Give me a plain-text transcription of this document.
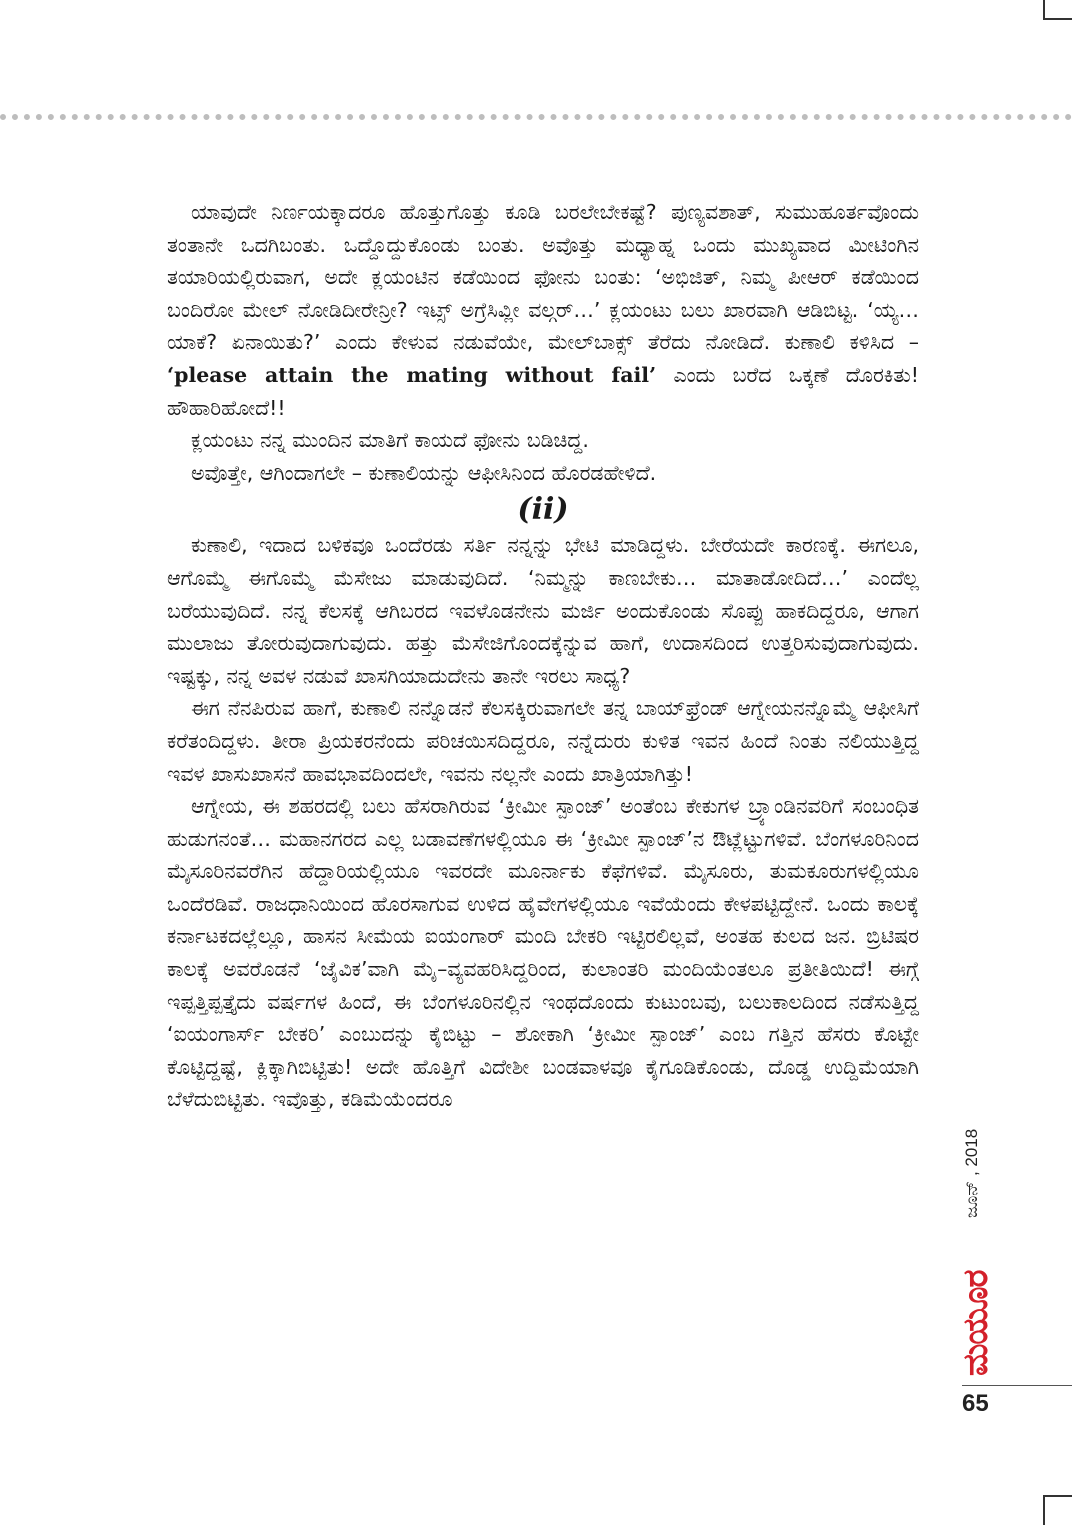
ಯಾವುದೇ ನಿರ್ಣಯಕ್ಕಾದರೂ ಹೊತ್ತುಗೊತ್ತು ಕೂಡಿ ಬರಲೇಬೇಕಷ್ಟೆ? ಪುಣ್ಯವಶಾತ್, ಸುಮುಹೂರ್ತವೊಂದು ತಂತಾನೇ ಒದಗಿಬಂತು. ಒದ್ದೊದ್ದುಕೊಂಡು ಬಂತು. ಅವೊತ್ತು ಮಧ್ಯಾಹ್ನ ಒಂದು ಮುಖ್ಯವಾದ ಮೀಟಿಂಗಿನ ತಯಾರಿಯಲ್ಲಿರುವಾಗ, ಅದೇ ಕ್ಲಯಂಟಿನ ಕಡೆಯಿಂದ ಫೋನು ಬಂತು: ‘ಅಭಿಜಿತ್, ನಿಮ್ಮ ಪೀಆರ್ ಕಡೆಯಿಂದ ಬಂದಿರೋ ಮೇಲ್ ನೋಡಿದೀರೇನ್ರೀ? ಇಟ್ಸ್ ಅಗ್ರೆಸಿವ್ಲೀ ವಲ್ಗರ್…’ ಕ್ಲಯಂಟು ಬಲು ಖಾರವಾಗಿ ಆಡಿಬಿಟ್ಟ. ‘ಯ್ಯ… ಯಾಕೆ? ಏನಾಯಿತು?’ ಎಂದು ಕೇಳುವ ನಡುವೆಯೇ, ಮೇಲ್‌ಬಾಕ್ಸ್ ತೆರೆದು ನೋಡಿದೆ. ಕುಣಾಲಿ ಕಳಿಸಿದ – ‘please attain the mating without fail’ ಎಂದು ಬರೆದ ಒಕ್ಕಣೆ ದೊರಕಿತು! ಹೌಹಾರಿಹೋದೆ!!

ಕ್ಲಯಂಟು ನನ್ನ ಮುಂದಿನ ಮಾತಿಗೆ ಕಾಯದೆ ಫೋನು ಬಡಿಚಿದ್ದ.

ಅವೊತ್ತೇ, ಆಗಿಂದಾಗಲೇ – ಕುಣಾಲಿಯನ್ನು ಆಫೀಸಿನಿಂದ ಹೊರಡಹೇಳಿದೆ.

(ii)

ಕುಣಾಲಿ, ಇದಾದ ಬಳಿಕವೂ ಒಂದೆರಡು ಸರ್ತಿ ನನ್ನನ್ನು ಭೇಟಿ ಮಾಡಿದ್ದಳು. ಬೇರೆಯದೇ ಕಾರಣಕ್ಕೆ. ಈಗಲೂ, ಆಗೊಮ್ಮೆ ಈಗೊಮ್ಮೆ ಮೆಸೇಜು ಮಾಡುವುದಿದೆ. ‘ನಿಮ್ಮನ್ನು ಕಾಣಬೇಕು… ಮಾತಾಡೋದಿದೆ…’ ಎಂದೆಲ್ಲ ಬರೆಯುವುದಿದೆ. ನನ್ನ ಕೆಲಸಕ್ಕೆ ಆಗಿಬರದ ಇವಳೊಡನೇನು ಮರ್ಜಿ ಅಂದುಕೊಂಡು ಸೊಪ್ಪು ಹಾಕದಿದ್ದರೂ, ಆಗಾಗ ಮುಲಾಜು ತೋರುವುದಾಗುವುದು. ಹತ್ತು ಮೆಸೇಜಿಗೊಂದಕ್ಕೆನ್ನುವ ಹಾಗೆ, ಉದಾಸದಿಂದ ಉತ್ತರಿಸುವುದಾಗುವುದು. ಇಷ್ಟಕ್ಕು, ನನ್ನ ಅವಳ ನಡುವೆ ಖಾಸಗಿಯಾದುದೇನು ತಾನೇ ಇರಲು ಸಾಧ್ಯ?

ಈಗ ನೆನಪಿರುವ ಹಾಗೆ, ಕುಣಾಲಿ ನನ್ನೊಡನೆ ಕೆಲಸಕ್ಕಿರುವಾಗಲೇ ತನ್ನ ಬಾಯ್‌ಫ್ರೆಂಡ್ ಆಗ್ನೇಯನನ್ನೊಮ್ಮೆ ಆಫೀಸಿಗೆ ಕರೆತಂದಿದ್ದಳು. ತೀರಾ ಪ್ರಿಯಕರನೆಂದು ಪರಿಚಯಿಸದಿದ್ದರೂ, ನನ್ನೆದುರು ಕುಳಿತ ಇವನ ಹಿಂದೆ ನಿಂತು ನಲಿಯುತ್ತಿದ್ದ ಇವಳ ಖಾಸುಖಾಸನೆ ಹಾವಭಾವದಿಂದಲೇ, ಇವನು ನಲ್ಲನೇ ಎಂದು ಖಾತ್ರಿಯಾಗಿತ್ತು!

ಆಗ್ನೇಯ, ಈ ಶಹರದಲ್ಲಿ ಬಲು ಹೆಸರಾಗಿರುವ ‘ಕ್ರೀಮೀ ಸ್ಪಾಂಜ್’ ಅಂತೆಂಬ ಕೇಕುಗಳ ಬ್ರ್ಯಾಂಡಿನವರಿಗೆ ಸಂಬಂಧಿತ ಹುಡುಗನಂತೆ… ಮಹಾನಗರದ ಎಲ್ಲ ಬಡಾವಣೆಗಳಲ್ಲಿಯೂ ಈ ‘ಕ್ರೀಮೀ ಸ್ಪಾಂಜ್’ನ ಔಟ್ಲೆಟ್ಟುಗಳಿವೆ. ಬೆಂಗಳೂರಿನಿಂದ ಮೈಸೂರಿನವರೆಗಿನ ಹೆದ್ದಾರಿಯಲ್ಲಿಯೂ ಇವರದೇ ಮೂರ್ನಾಕು ಕೆಫೆಗಳಿವೆ. ಮೈಸೂರು, ತುಮಕೂರುಗಳಲ್ಲಿಯೂ ಒಂದೆರಡಿವೆ. ರಾಜಧಾನಿಯಿಂದ ಹೊರಸಾಗುವ ಉಳಿದ ಹೈವೇಗಳಲ್ಲಿಯೂ ಇವೆಯೆಂದು ಕೇಳಪಟ್ಟಿದ್ದೇನೆ. ಒಂದು ಕಾಲಕ್ಕೆ ಕರ್ನಾಟಕದಲ್ಲೆಲ್ಲೂ, ಹಾಸನ ಸೀಮೆಯ ಐಯಂಗಾರ್ ಮಂದಿ ಬೇಕರಿ ಇಟ್ಟಿರಲಿಲ್ಲವೆ, ಅಂತಹ ಕುಲದ ಜನ. ಬ್ರಿಟಿಷರ ಕಾಲಕ್ಕೆ ಅವರೊಡನೆ ‘ಜೈವಿಕ’ವಾಗಿ ಮೈ–ವ್ಯವಹರಿಸಿದ್ದರಿಂದ, ಕುಲಾಂತರಿ ಮಂದಿಯೆಂತಲೂ ಪ್ರತೀತಿಯಿದೆ! ಈಗ್ಗೆ ಇಪ್ಪತ್ತಿಪ್ಪತ್ತೈದು ವರ್ಷಗಳ ಹಿಂದೆ, ಈ ಬೆಂಗಳೂರಿನಲ್ಲಿನ ಇಂಥದೊಂದು ಕುಟುಂಬವು, ಬಲುಕಾಲದಿಂದ ನಡೆಸುತ್ತಿದ್ದ ‘ಐಯಂಗಾರ್ಸ್ ಬೇಕರಿ’ ಎಂಬುದನ್ನು ಕೈಬಿಟ್ಟು – ಶೋಕಾಗಿ ‘ಕ್ರೀಮೀ ಸ್ಪಾಂಜ್’ ಎಂಬ ಗತ್ತಿನ ಹೆಸರು ಕೊಟ್ಟೇ ಕೊಟ್ಟಿದ್ದಷ್ಟೆ, ಕ್ಲಿಕ್ಕಾಗಿಬಿಟ್ಟಿತು! ಅದೇ ಹೊತ್ತಿಗೆ ವಿದೇಶೀ ಬಂಡವಾಳವೂ ಕೈಗೂಡಿಕೊಂಡು, ದೊಡ್ಡ ಉದ್ದಿಮೆಯಾಗಿ ಬೆಳೆದುಬಿಟ್ಟಿತು. ಇವೊತ್ತು, ಕಡಿಮೆಯೆಂದರೂ

ಜೂನ್ , 2018
ಮಯೂರ
65
